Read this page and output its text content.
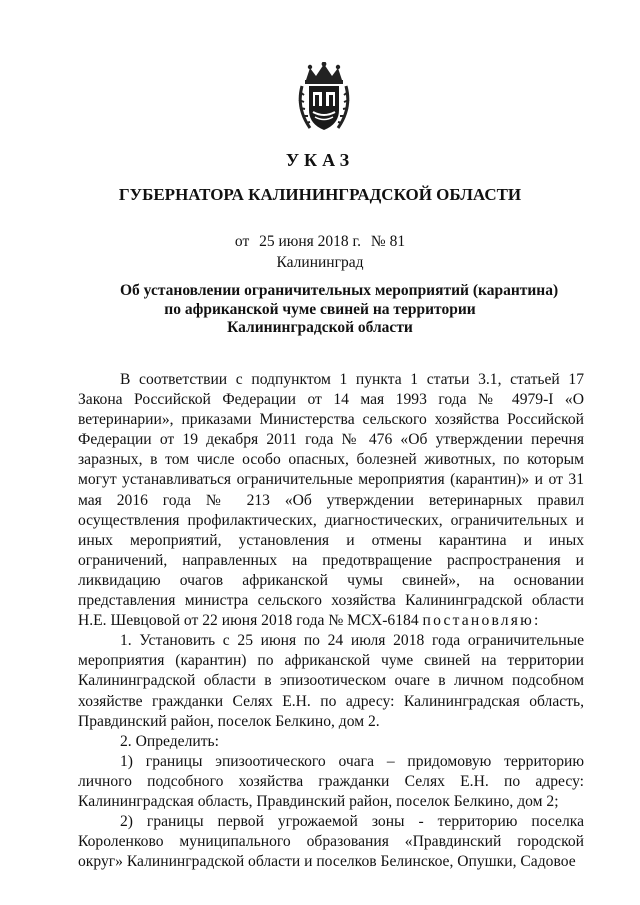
УКАЗ
ГУБЕРНАТОРА КАЛИНИНГРАДСКОЙ ОБЛАСТИ
от 25 июня 2018 г. № 81
Калининград
Об установлении ограничительных мероприятий (карантина)
по африканской чуме свиней на территории
Калининградской области

В соответствии с подпунктом 1 пункта 1 статьи 3.1, статьей 17 Закона Российской Федерации от 14 мая 1993 года № 4979-I «О ветеринарии», приказами Министерства сельского хозяйства Российской Федерации от 19 декабря 2011 года № 476 «Об утверждении перечня заразных, в том числе особо опасных, болезней животных, по которым могут устанавливаться ограничительные мероприятия (карантин)» и от 31 мая 2016 года № 213 «Об утверждении ветеринарных правил осуществления профилактических, диагностических, ограничительных и иных мероприятий, установления и отмены карантина и иных ограничений, направленных на предотвращение распространения и ликвидацию очагов африканской чумы свиней», на основании представления министра сельского хозяйства Калининградской области Н.Е. Шевцовой от 22 июня 2018 года № МСХ-6184 постановляю:

1. Установить с 25 июня по 24 июля 2018 года ограничительные мероприятия (карантин) по африканской чуме свиней на территории Калининградской области в эпизоотическом очаге в личном подсобном хозяйстве гражданки Селях Е.Н. по адресу: Калининградская область, Правдинский район, поселок Белкино, дом 2.

2. Определить:

1) границы эпизоотического очага – придомовую территорию личного подсобного хозяйства гражданки Селях Е.Н. по адресу: Калининградская область, Правдинский район, поселок Белкино, дом 2;

2) границы первой угрожаемой зоны - территорию поселка Короленково муниципального образования «Правдинский городской округ» Калининградской области и поселков Белинское, Опушки, Садовое
